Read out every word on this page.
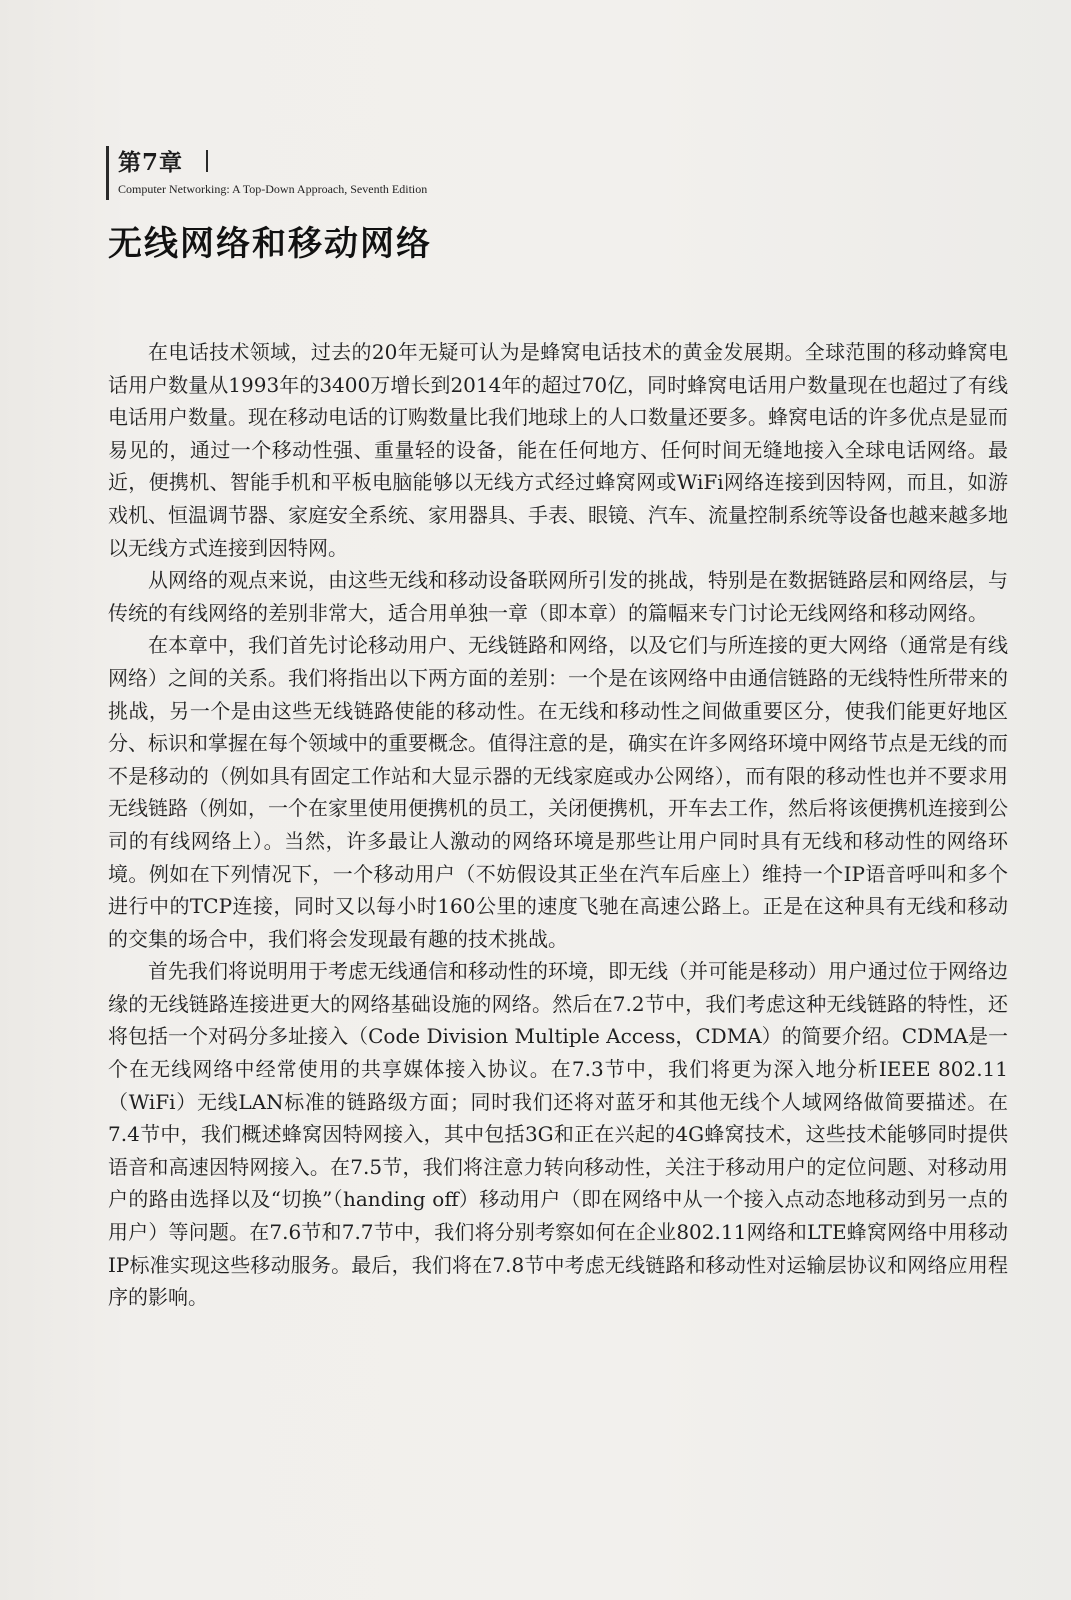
第7章
Computer Networking: A Top-Down Approach, Seventh Edition
无线网络和移动网络

在电话技术领域，过去的20年无疑可认为是蜂窝电话技术的黄金发展期。全球范围的移动蜂窝电话用户数量从1993年的3400万增长到2014年的超过70亿，同时蜂窝电话用户数量现在也超过了有线电话用户数量。现在移动电话的订购数量比我们地球上的人口数量还要多。蜂窝电话的许多优点是显而易见的，通过一个移动性强、重量轻的设备，能在任何地方、任何时间无缝地接入全球电话网络。最近，便携机、智能手机和平板电脑能够以无线方式经过蜂窝网或WiFi网络连接到因特网，而且，如游戏机、恒温调节器、家庭安全系统、家用器具、手表、眼镜、汽车、流量控制系统等设备也越来越多地以无线方式连接到因特网。

从网络的观点来说，由这些无线和移动设备联网所引发的挑战，特别是在数据链路层和网络层，与传统的有线网络的差别非常大，适合用单独一章（即本章）的篇幅来专门讨论无线网络和移动网络。

在本章中，我们首先讨论移动用户、无线链路和网络，以及它们与所连接的更大网络（通常是有线网络）之间的关系。我们将指出以下两方面的差别：一个是在该网络中由通信链路的无线特性所带来的挑战，另一个是由这些无线链路使能的移动性。在无线和移动性之间做重要区分，使我们能更好地区分、标识和掌握在每个领域中的重要概念。值得注意的是，确实在许多网络环境中网络节点是无线的而不是移动的（例如具有固定工作站和大显示器的无线家庭或办公网络），而有限的移动性也并不要求用无线链路（例如，一个在家里使用便携机的员工，关闭便携机，开车去工作，然后将该便携机连接到公司的有线网络上）。当然，许多最让人激动的网络环境是那些让用户同时具有无线和移动性的网络环境。例如在下列情况下，一个移动用户（不妨假设其正坐在汽车后座上）维持一个IP语音呼叫和多个进行中的TCP连接，同时又以每小时160公里的速度飞驰在高速公路上。正是在这种具有无线和移动的交集的场合中，我们将会发现最有趣的技术挑战。

首先我们将说明用于考虑无线通信和移动性的环境，即无线（并可能是移动）用户通过位于网络边缘的无线链路连接进更大的网络基础设施的网络。然后在7.2节中，我们考虑这种无线链路的特性，还将包括一个对码分多址接入（Code Division Multiple Access，CDMA）的简要介绍。CDMA是一个在无线网络中经常使用的共享媒体接入协议。在7.3节中，我们将更为深入地分析IEEE 802.11（WiFi）无线LAN标准的链路级方面；同时我们还将对蓝牙和其他无线个人域网络做简要描述。在7.4节中，我们概述蜂窝因特网接入，其中包括3G和正在兴起的4G蜂窝技术，这些技术能够同时提供语音和高速因特网接入。在7.5节，我们将注意力转向移动性，关注于移动用户的定位问题、对移动用户的路由选择以及“切换”（handing off）移动用户（即在网络中从一个接入点动态地移动到另一点的用户）等问题。在7.6节和7.7节中，我们将分别考察如何在企业802.11网络和LTE蜂窝网络中用移动IP标准实现这些移动服务。最后，我们将在7.8节中考虑无线链路和移动性对运输层协议和网络应用程序的影响。
